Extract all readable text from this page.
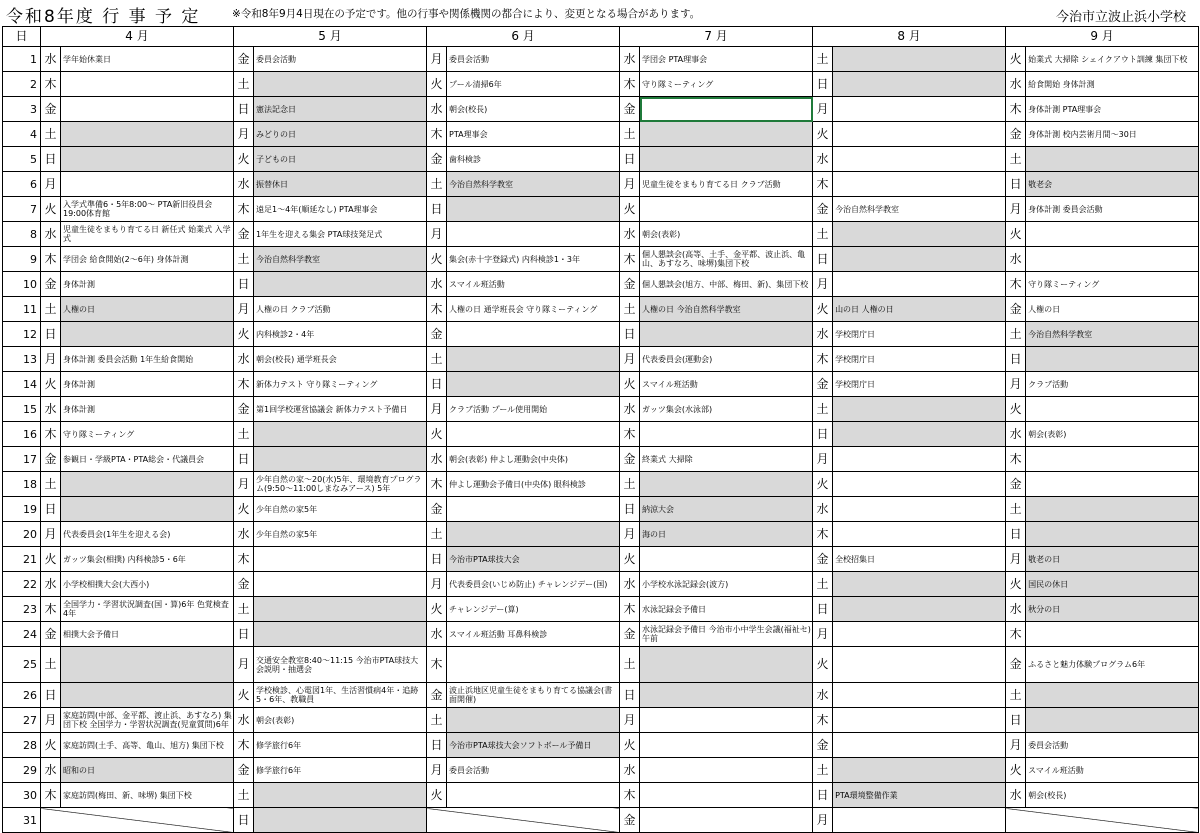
令和8年度 行 事 予 定	※令和8年9月4日現在の予定です。他の行事や関係機関の都合により、変更となる場合があります。	今治市立波止浜小学校
日	4 月		5 月		6 月		7 月		8 月		9 月	
1	水	学年始休業日	金	委員会活動	月	委員会活動	水	学団会 PTA理事会	土		火	始業式 大掃除 シェイクアウト訓練 集団下校
2	木		土		火	プール清掃6年	木	守り隊ミーティング	日		水	給食開始 身体計測
3	金		日	憲法記念日	水	朝会(校長)	金		月		木	身体計測 PTA理事会
4	土		月	みどりの日	木	PTA理事会	土		火		金	身体計測 校内芸術月間～30日
5	日		火	子どもの日	金	歯科検診	日		水		土	
6	月		水	振替休日	土	今治自然科学教室	月	児童生徒をまもり育てる日 クラブ活動	木		日	敬老会
7	火	入学式準備6・5年8:00～ PTA新旧役員会19:00体育館	木	遠足1～4年(順延なし) PTA理事会	日		火		金	今治自然科学教室	月	身体計測 委員会活動
8	水	児童生徒をまもり育てる日 新任式 始業式 入学式	金	1年生を迎える集会 PTA球技発足式	月		水	朝会(表彰)	土		火	
9	木	学団会 給食開始(2～6年) 身体計測	土	今治自然科学教室	火	集会(赤十字登録式) 内科検診1・3年	木	個人懇談会(高等、土手、金平都、波止浜、亀山、あすなろ、味堺)集団下校	日		水	
10	金	身体計測	日		水	スマイル班活動	金	個人懇談会(旭方、中部、梅田、新)、集団下校	月		木	守り隊ミーティング
11	土	人権の日	月	人権の日 クラブ活動	木	人権の日 通学班長会 守り隊ミーティング	土	人権の日 今治自然科学教室	火	山の日 人権の日	金	人権の日
12	日		火	内科検診2・4年	金		日		水	学校閉庁日	土	今治自然科学教室
13	月	身体計測 委員会活動 1年生給食開始	水	朝会(校長) 通学班長会	土		月	代表委員会(運動会)	木	学校閉庁日	日	
14	火	身体計測	木	新体力テスト 守り隊ミーティング	日		火	スマイル班活動	金	学校閉庁日	月	クラブ活動
15	水	身体計測	金	第1回学校運営協議会 新体力テスト予備日	月	クラブ活動 プール使用開始	水	ガッツ集会(水泳部)	土		火	
16	木	守り隊ミーティング	土		火		木		日		水	朝会(表彰)
17	金	参観日・学級PTA・PTA総会・代議員会	日		水	朝会(表彰) 仲よし運動会(中央体)	金	終業式 大掃除	月		木	
18	土		月	少年自然の家～20(水)5年、環境教育プログラム(9:50～11:00しまなみアース) 5年	木	仲よし運動会予備日(中央体) 眼科検診	土		火		金	
19	日		火	少年自然の家5年	金		日	納涼大会	水		土	
20	月	代表委員会(1年生を迎える会)	水	少年自然の家5年	土		月	海の日	木		日	
21	火	ガッツ集会(相撲) 内科検診5・6年	木		日	今治市PTA球技大会	火		金	全校招集日	月	敬老の日
22	水	小学校相撲大会(大西小)	金		月	代表委員会(いじめ防止) チャレンジデー(国)	水	小学校水泳記録会(波方)	土		火	国民の休日
23	木	全国学力・学習状況調査(国・算)6年 色覚検査4年	土		火	チャレンジデー(算)	木	水泳記録会予備日	日		水	秋分の日
24	金	相撲大会予備日	日		水	スマイル班活動 耳鼻科検診	金	水泳記録会予備日 今治市小中学生会議(福祉セ)午前	月		木	
25	土		月	交通安全教室8:40～11:15 今治市PTA球技大会説明・抽選会	木		土		火		金	ふるさと魅力体験プログラム6年
26	日		火	学校検診、心電図1年、生活習慣病4年・追跡5・6年、教職員	金	波止浜地区児童生徒をまもり育てる協議会(書面開催)	日		水		土	
27	月	家庭訪問(中部、金平都、渡止浜、あすなろ) 集団下校 全国学力・学習状況調査(児童質問)6年	水	朝会(表彰)	土		月		木		日	
28	火	家庭訪問(土手、高等、亀山、旭方) 集団下校	木	修学旅行6年	日	今治市PTA球技大会ソフトボール予備日	火		金		月	委員会活動
29	水	昭和の日	金	修学旅行6年	月	委員会活動	水		土		火	スマイル班活動
30	木	家庭訪問(梅田、新、味堺) 集団下校	土		火		木		日	PTA環境整備作業	水	朝会(校長)
31			日				金		月			
